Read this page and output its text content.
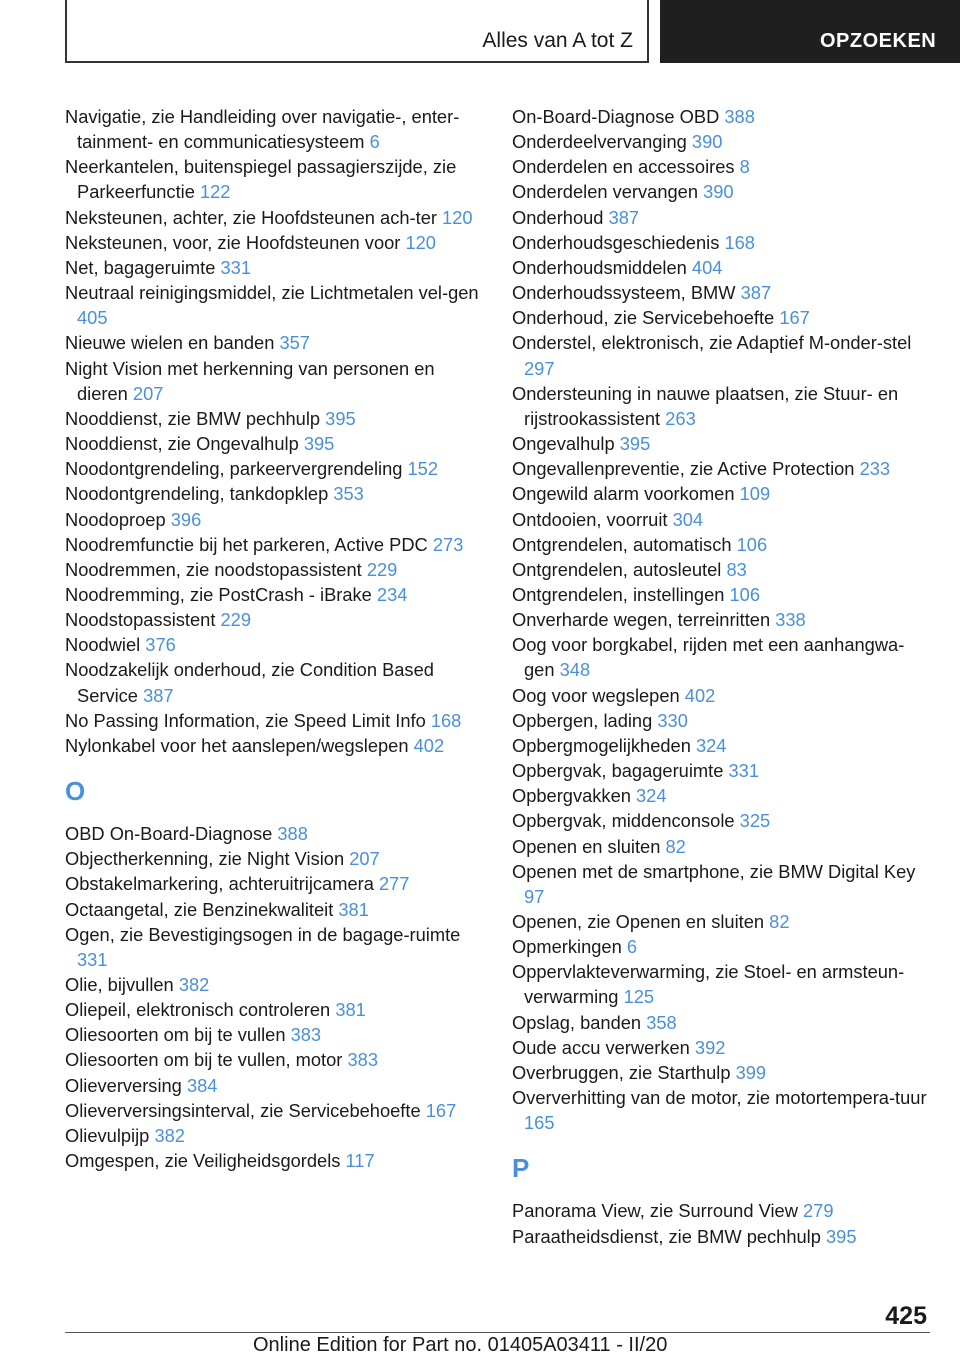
Alles van A tot Z	OPZOEKEN
Navigatie, zie Handleiding over navigatie-, enter-tainment- en communicatiesysteem 6
Neerkantelen, buitenspiegel passagierszijde, zie Parkeerfunctie 122
Neksteunen, achter, zie Hoofdsteunen ach-ter 120
Neksteunen, voor, zie Hoofdsteunen voor 120
Net, bagageruimte 331
Neutraal reinigingsmiddel, zie Lichtmetalen vel-gen 405
Nieuwe wielen en banden 357
Night Vision met herkenning van personen en dieren 207
Nooddienst, zie BMW pechhulp 395
Nooddienst, zie Ongevalhulp 395
Noodontgrendeling, parkeervergrendeling 152
Noodontgrendeling, tankdopklep 353
Noodoproep 396
Noodremfunctie bij het parkeren, Active PDC 273
Noodremmen, zie noodstopassistent 229
Noodremming, zie PostCrash - iBrake 234
Noodstopassistent 229
Noodwiel 376
Noodzakelijk onderhoud, zie Condition Based Service 387
No Passing Information, zie Speed Limit Info 168
Nylonkabel voor het aanslepen/wegslepen 402
O
OBD On-Board-Diagnose 388
Objectherkenning, zie Night Vision 207
Obstakelmarkering, achteruitrijcamera 277
Octaangetal, zie Benzinekwaliteit 381
Ogen, zie Bevestigingsogen in de bagage-ruimte 331
Olie, bijvullen 382
Oliepeil, elektronisch controleren 381
Oliesoorten om bij te vullen 383
Oliesoorten om bij te vullen, motor 383
Olieverversing 384
Olieverversingsinterval, zie Servicebehoefte 167
Olievulpijp 382
Omgespen, zie Veiligheidsgordels 117
On-Board-Diagnose OBD 388
Onderdeelvervanging 390
Onderdelen en accessoires 8
Onderdelen vervangen 390
Onderhoud 387
Onderhoudsgeschiedenis 168
Onderhoudsmiddelen 404
Onderhoudssysteem, BMW 387
Onderhoud, zie Servicebehoefte 167
Onderstel, elektronisch, zie Adaptief M-onder-stel 297
Ondersteuning in nauwe plaatsen, zie Stuur- en rijstrookassistent 263
Ongevalhulp 395
Ongevallenpreventie, zie Active Protection 233
Ongewild alarm voorkomen 109
Ontdooien, voorruit 304
Ontgrendelen, automatisch 106
Ontgrendelen, autosleutel 83
Ontgrendelen, instellingen 106
Onverharde wegen, terreinritten 338
Oog voor borgkabel, rijden met een aanhangwa-gen 348
Oog voor wegslepen 402
Opbergen, lading 330
Opbergmogelijkheden 324
Opbergvak, bagageruimte 331
Opbergvakken 324
Opbergvak, middenconsole 325
Openen en sluiten 82
Openen met de smartphone, zie BMW Digital Key 97
Openen, zie Openen en sluiten 82
Opmerkingen 6
Oppervlakteverwarming, zie Stoel- en armsteun-verwarming 125
Opslag, banden 358
Oude accu verwerken 392
Overbruggen, zie Starthulp 399
Oververhitting van de motor, zie motortempera-tuur 165
P
Panorama View, zie Surround View 279
Paraatheidsdienst, zie BMW pechhulp 395
425
Online Edition for Part no. 01405A03411 - II/20
